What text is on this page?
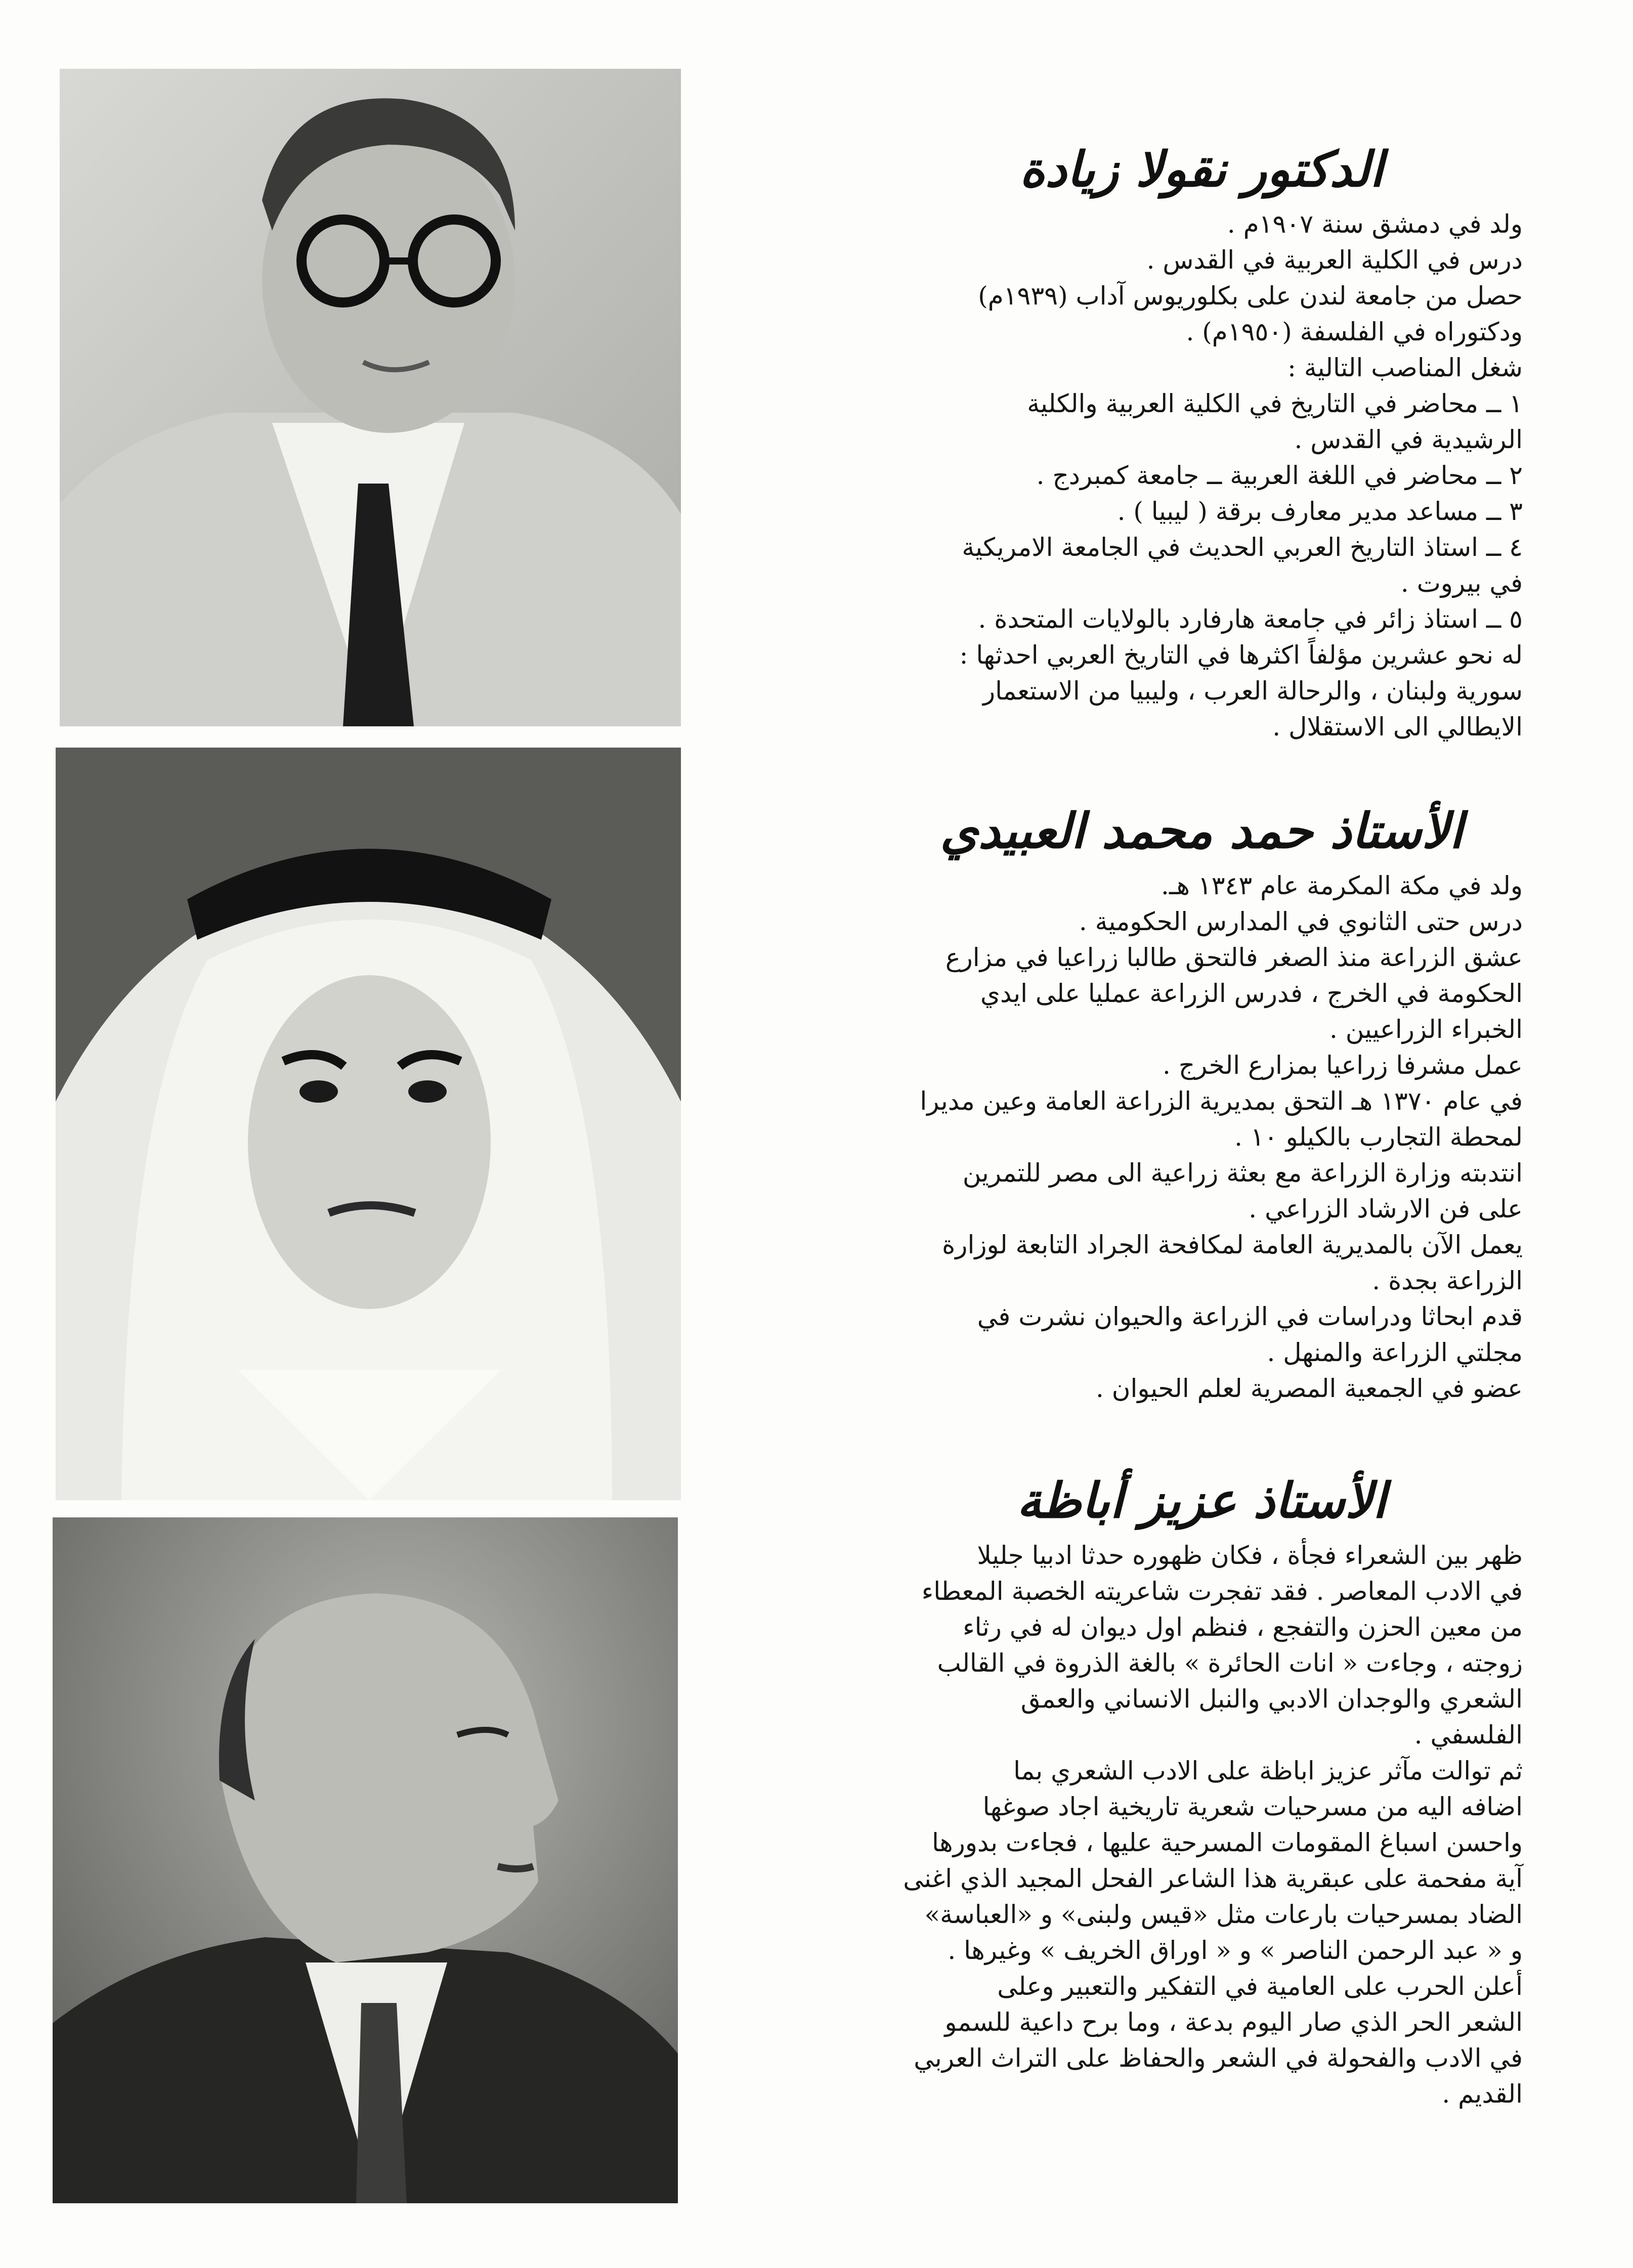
الدكتور نقولا زيادة

ولد في دمشق سنة ١٩٠٧م .

درس في الكلية العربية في القدس .

حصل من جامعة لندن على بكلوريوس آداب (١٩٣٩م)

ودكتوراه في الفلسفة (١٩٥٠م) .

شغل المناصب التالية :

١ ــ محاضر في التاريخ في الكلية العربية والكلية

الرشيدية في القدس .

٢ ــ محاضر في اللغة العربية ــ جامعة كمبردج .

٣ ــ مساعد مدير معارف برقة ( ليبيا ) .

٤ ــ استاذ التاريخ العربي الحديث في الجامعة الامريكية

في بيروت .

٥ ــ استاذ زائر في جامعة هارفارد بالولايات المتحدة .

له نحو عشرين مؤلفاً اكثرها في التاريخ العربي احدثها :

سورية ولبنان ، والرحالة العرب ، وليبيا من الاستعمار

الايطالي الى الاستقلال .

الأستاذ حمد محمد العبيدي

ولد في مكة المكرمة عام ١٣٤٣ هـ.

درس حتى الثانوي في المدارس الحكومية .

عشق الزراعة منذ الصغر فالتحق طالبا زراعيا في مزارع

الحكومة في الخرج ، فدرس الزراعة عمليا على ايدي

الخبراء الزراعيين .

عمل مشرفا زراعيا بمزارع الخرج .

في عام ١٣٧٠ هـ التحق بمديرية الزراعة العامة وعين مديرا

لمحطة التجارب بالكيلو ١٠ .

انتدبته وزارة الزراعة مع بعثة زراعية الى مصر للتمرين

على فن الارشاد الزراعي .

يعمل الآن بالمديرية العامة لمكافحة الجراد التابعة لوزارة

الزراعة بجدة .

قدم ابحاثا ودراسات في الزراعة والحيوان نشرت في

مجلتي الزراعة والمنهل .

عضو في الجمعية المصرية لعلم الحيوان .

الأستاذ عزيز أباظة

ظهر بين الشعراء فجأة ، فكان ظهوره حدثا ادبيا جليلا

في الادب المعاصر . فقد تفجرت شاعريته الخصبة المعطاء

من معين الحزن والتفجع ، فنظم اول ديوان له في رثاء

زوجته ، وجاءت « انات الحائرة » بالغة الذروة في القالب

الشعري والوجدان الادبي والنبل الانساني والعمق

الفلسفي .

ثم توالت مآثر عزيز اباظة على الادب الشعري بما

اضافه اليه من مسرحيات شعرية تاريخية اجاد صوغها

واحسن اسباغ المقومات المسرحية عليها ، فجاءت بدورها

آية مفحمة على عبقرية هذا الشاعر الفحل المجيد الذي اغنى

الضاد بمسرحيات بارعات مثل «قيس ولبنى» و «العباسة»

و « عبد الرحمن الناصر » و « اوراق الخريف » وغيرها .

أعلن الحرب على العامية في التفكير والتعبير وعلى

الشعر الحر الذي صار اليوم بدعة ، وما برح داعية للسمو

في الادب والفحولة في الشعر والحفاظ على التراث العربي

القديم .
